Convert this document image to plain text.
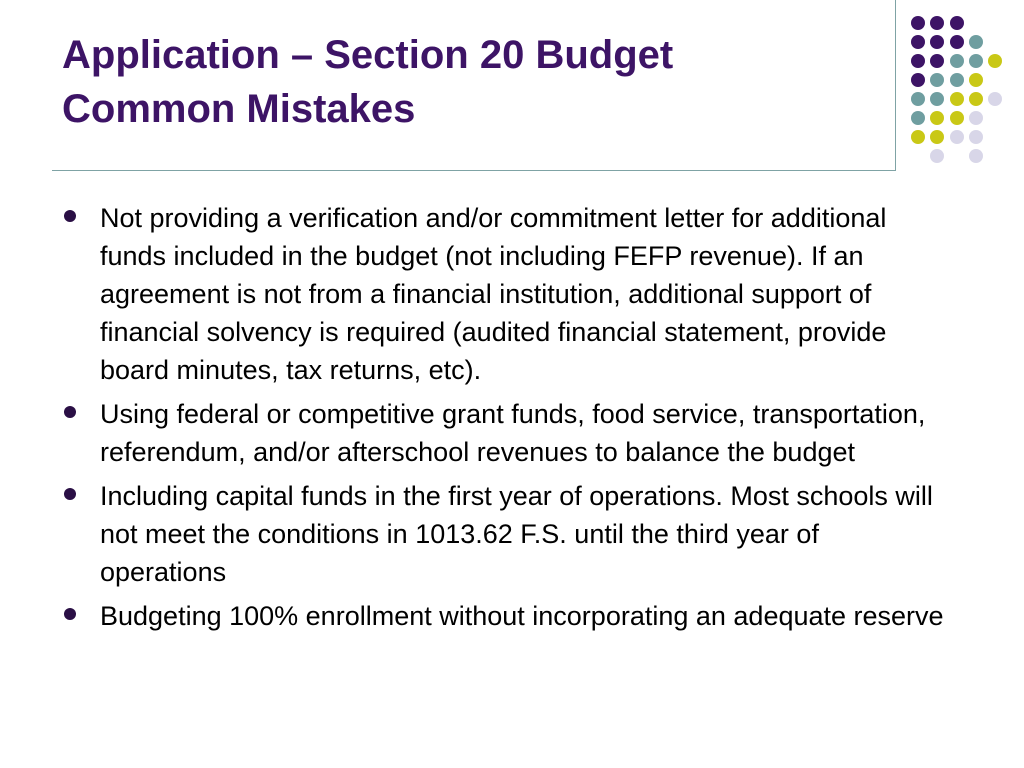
Application – Section 20 Budget
Common Mistakes
Not providing a verification and/or commitment letter for additional funds included in the budget (not including FEFP revenue). If an agreement is not from a financial institution, additional support of financial solvency is required (audited financial statement, provide board minutes, tax returns, etc).
Using federal or competitive grant funds, food service, transportation, referendum, and/or afterschool revenues to balance the budget
Including capital funds in the first year of operations. Most schools will not meet the conditions in 1013.62 F.S. until the third year of operations
Budgeting 100% enrollment without incorporating an adequate reserve
